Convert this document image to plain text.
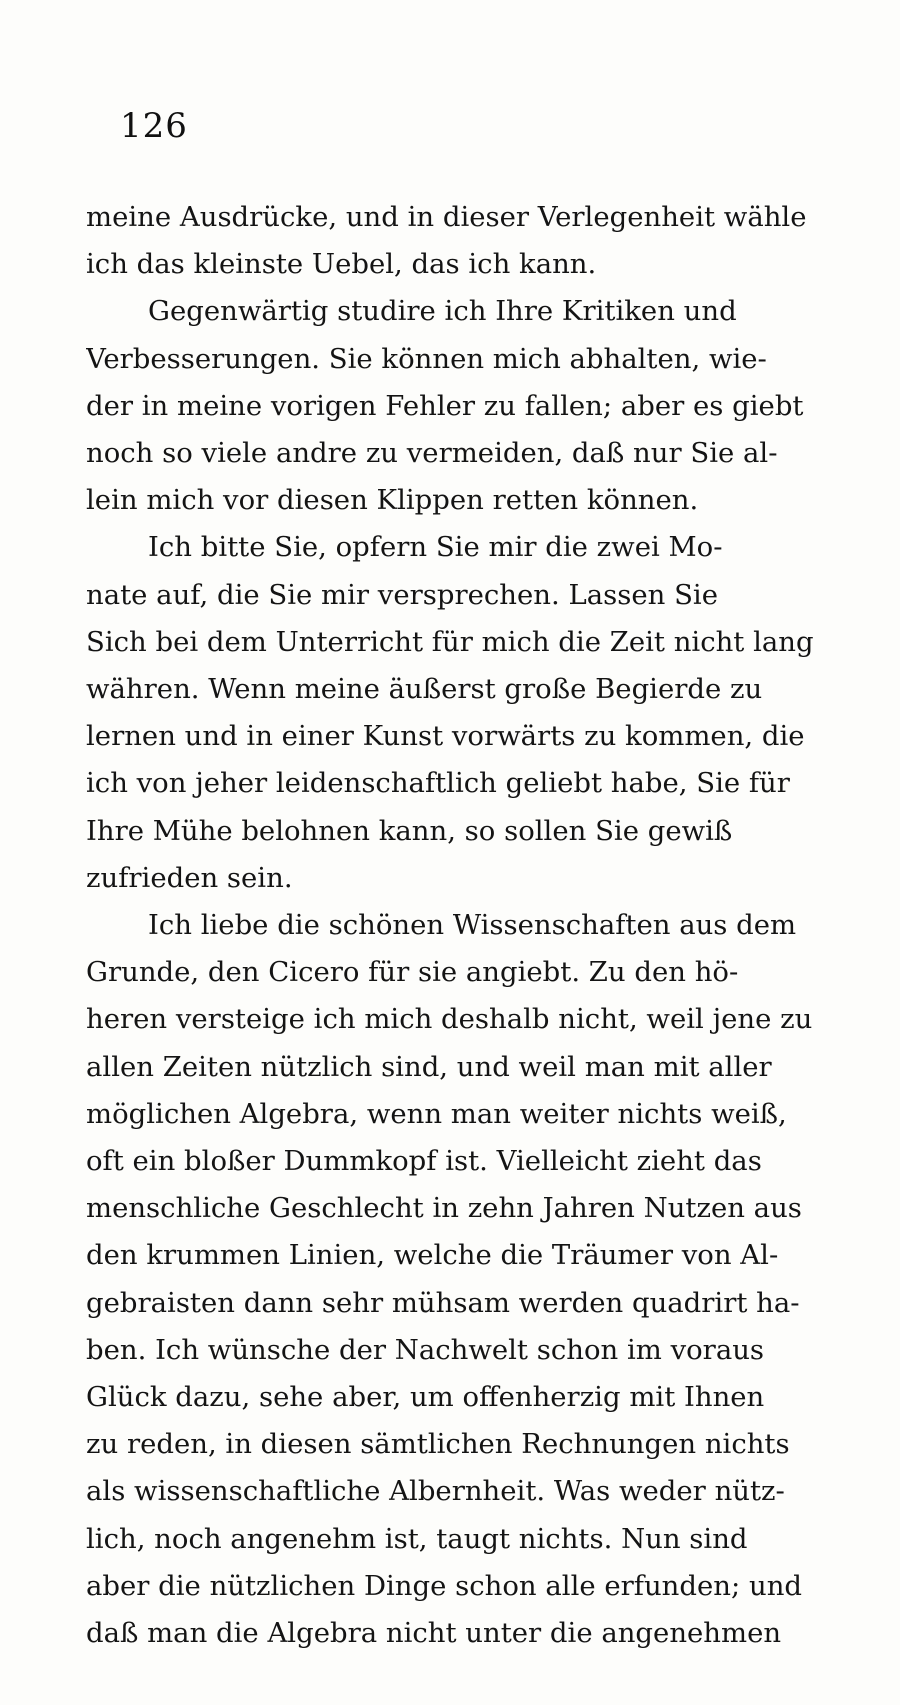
126
meine Ausdrücke, und in dieser Verlegenheit wähle
ich das kleinste Uebel, das ich kann.
Gegenwärtig studire ich Ihre Kritiken und
Verbesserungen. Sie können mich abhalten, wie-
der in meine vorigen Fehler zu fallen; aber es giebt
noch so viele andre zu vermeiden, daß nur Sie al-
lein mich vor diesen Klippen retten können.
Ich bitte Sie, opfern Sie mir die zwei Mo-
nate auf, die Sie mir versprechen. Lassen Sie
Sich bei dem Unterricht für mich die Zeit nicht lang
währen. Wenn meine äußerst große Begierde zu
lernen und in einer Kunst vorwärts zu kommen, die
ich von jeher leidenschaftlich geliebt habe, Sie für
Ihre Mühe belohnen kann, so sollen Sie gewiß
zufrieden sein.
Ich liebe die schönen Wissenschaften aus dem
Grunde, den Cicero für sie angiebt. Zu den hö-
heren versteige ich mich deshalb nicht, weil jene zu
allen Zeiten nützlich sind, und weil man mit aller
möglichen Algebra, wenn man weiter nichts weiß,
oft ein bloßer Dummkopf ist. Vielleicht zieht das
menschliche Geschlecht in zehn Jahren Nutzen aus
den krummen Linien, welche die Träumer von Al-
gebraisten dann sehr mühsam werden quadrirt ha-
ben. Ich wünsche der Nachwelt schon im voraus
Glück dazu, sehe aber, um offenherzig mit Ihnen
zu reden, in diesen sämtlichen Rechnungen nichts
als wissenschaftliche Albernheit. Was weder nütz-
lich, noch angenehm ist, taugt nichts. Nun sind
aber die nützlichen Dinge schon alle erfunden; und
daß man die Algebra nicht unter die angenehmen
